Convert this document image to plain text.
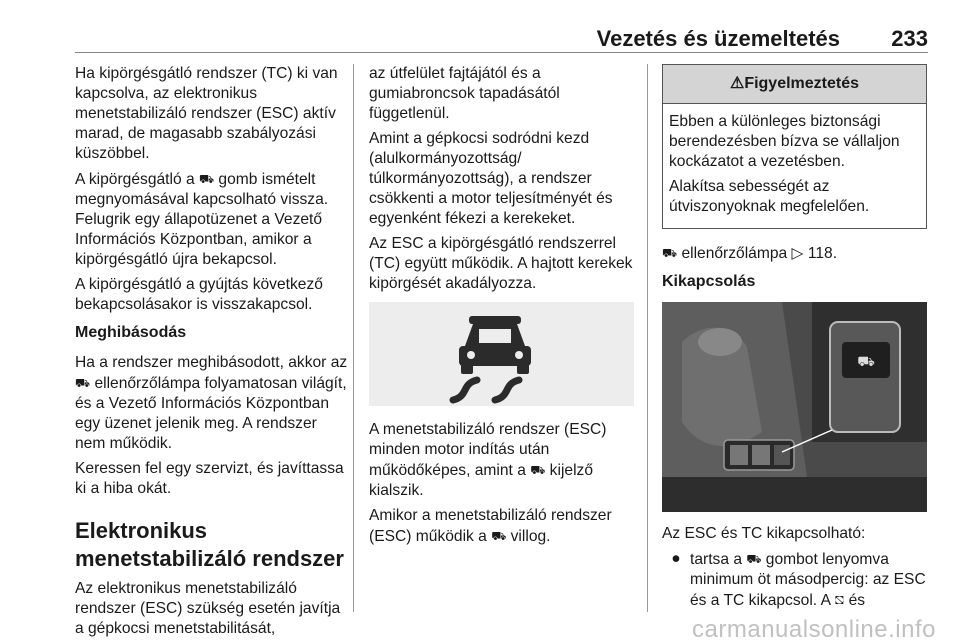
Vezetés és üzemeltetés 233

Ha kipörgésgátló rendszer (TC) ki van kapcsolva, az elektronikus menetstabilizáló rendszer (ESC) aktív marad, de magasabb szabályozási küszöbbel.

A kipörgésgátló a ⛟ gomb ismételt megnyomásával kapcsolható vissza. Felugrik egy állapotüzenet a Vezető Információs Központban, amikor a kipörgésgátló újra bekapcsol.

A kipörgésgátló a gyújtás következő bekapcsolásakor is visszakapcsol.

Meghibásodás

Ha a rendszer meghibásodott, akkor az ⛟ ellenőrzőlámpa folyamatosan világít, és a Vezető Információs Központban egy üzenet jelenik meg. A rendszer nem működik.

Keressen fel egy szervizt, és javíttassa ki a hiba okát.

Elektronikus menetstabilizáló rendszer

Az elektronikus menetstabilizáló rendszer (ESC) szükség esetén javítja a gépkocsi menetstabilitását,

az útfelület fajtájától és a gumiabroncsok tapadásától függetlenül.

Amint a gépkocsi sodródni kezd (alulkormányozottság/ túlkormányozottság), a rendszer csökkenti a motor teljesítményét és egyenként fékezi a kerekeket.

Az ESC a kipörgésgátló rendszerrel (TC) együtt működik. A hajtott kerekek kipörgését akadályozza.

A menetstabilizáló rendszer (ESC) minden motor indítás után működőképes, amint a ⛟ kijelző kialszik.

Amikor a menetstabilizáló rendszer (ESC) működik a ⛟ villog.

⚠Figyelmeztetés

Ebben a különleges biztonsági berendezésben bízva se vállaljon kockázatot a vezetésben.

Alakítsa sebességét az útviszonyoknak megfelelően.

⛟ ellenőrzőlámpa ▷ 118.

Kikapcsolás
⛟

Az ESC és TC kikapcsolható:

● tartsa a ⛟ gombot lenyomva minimum öt másodpercig: az ESC és a TC kikapcsol. A ⛞ és
carmanualsonline.info
